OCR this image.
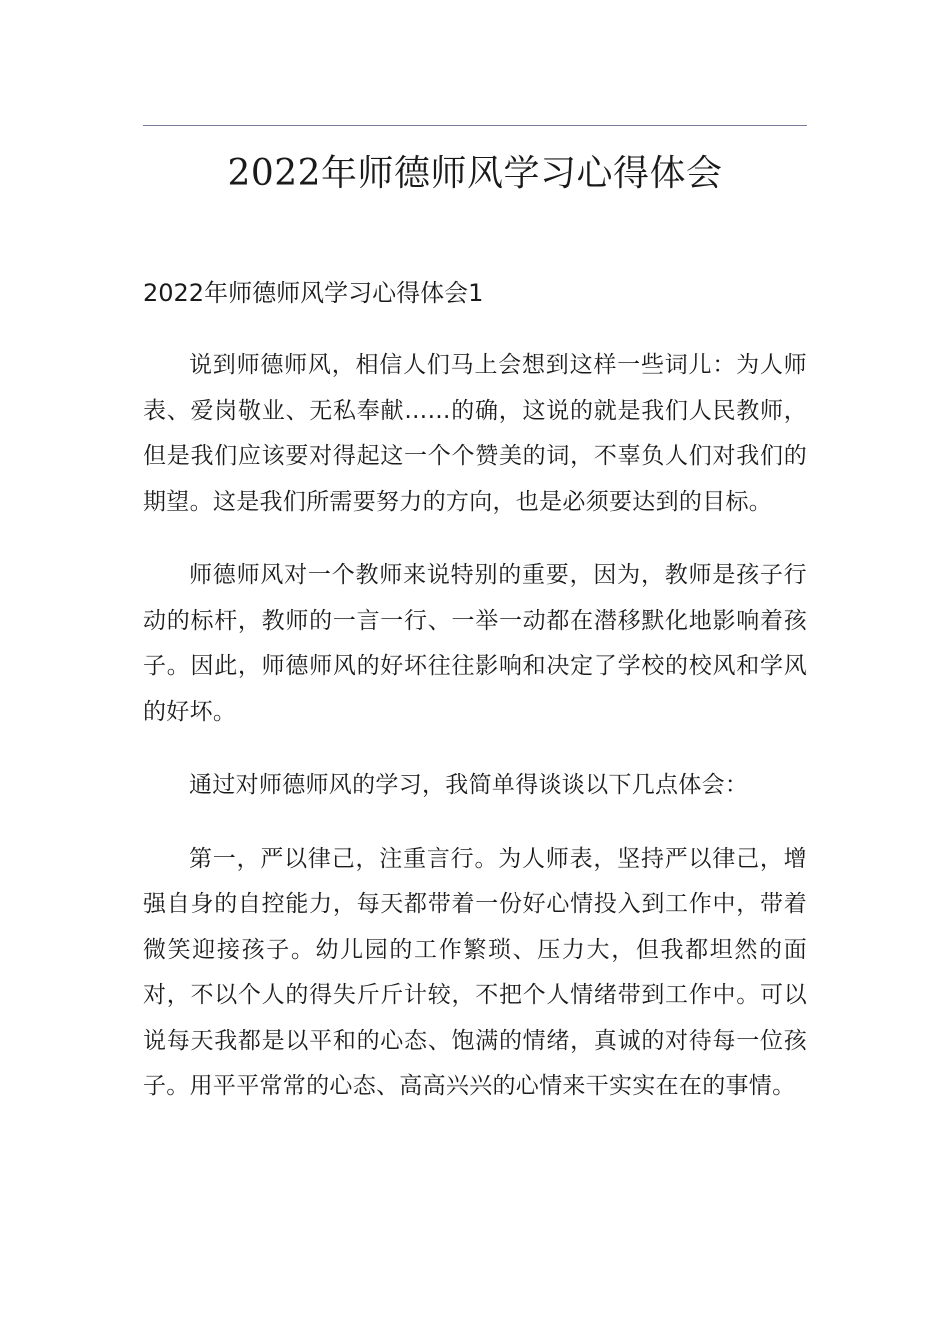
2022年师德师风学习心得体会
2022年师德师风学习心得体会1

说到师德师风，相信人们马上会想到这样一些词儿：为人师表、爱岗敬业、无私奉献……的确，这说的就是我们人民教师，但是我们应该要对得起这一个个赞美的词，不辜负人们对我们的期望。这是我们所需要努力的方向，也是必须要达到的目标。

师德师风对一个教师来说特别的重要，因为，教师是孩子行动的标杆，教师的一言一行、一举一动都在潜移默化地影响着孩子。因此，师德师风的好坏往往影响和决定了学校的校风和学风的好坏。

通过对师德师风的学习，我简单得谈谈以下几点体会：

第一，严以律己，注重言行。为人师表，坚持严以律己，增强自身的自控能力，每天都带着一份好心情投入到工作中，带着微笑迎接孩子。幼儿园的工作繁琐、压力大，但我都坦然的面对，不以个人的得失斤斤计较，不把个人情绪带到工作中。可以说每天我都是以平和的心态、饱满的情绪，真诚的对待每一位孩子。用平平常常的心态、高高兴兴的心情来干实实在在的事情。
